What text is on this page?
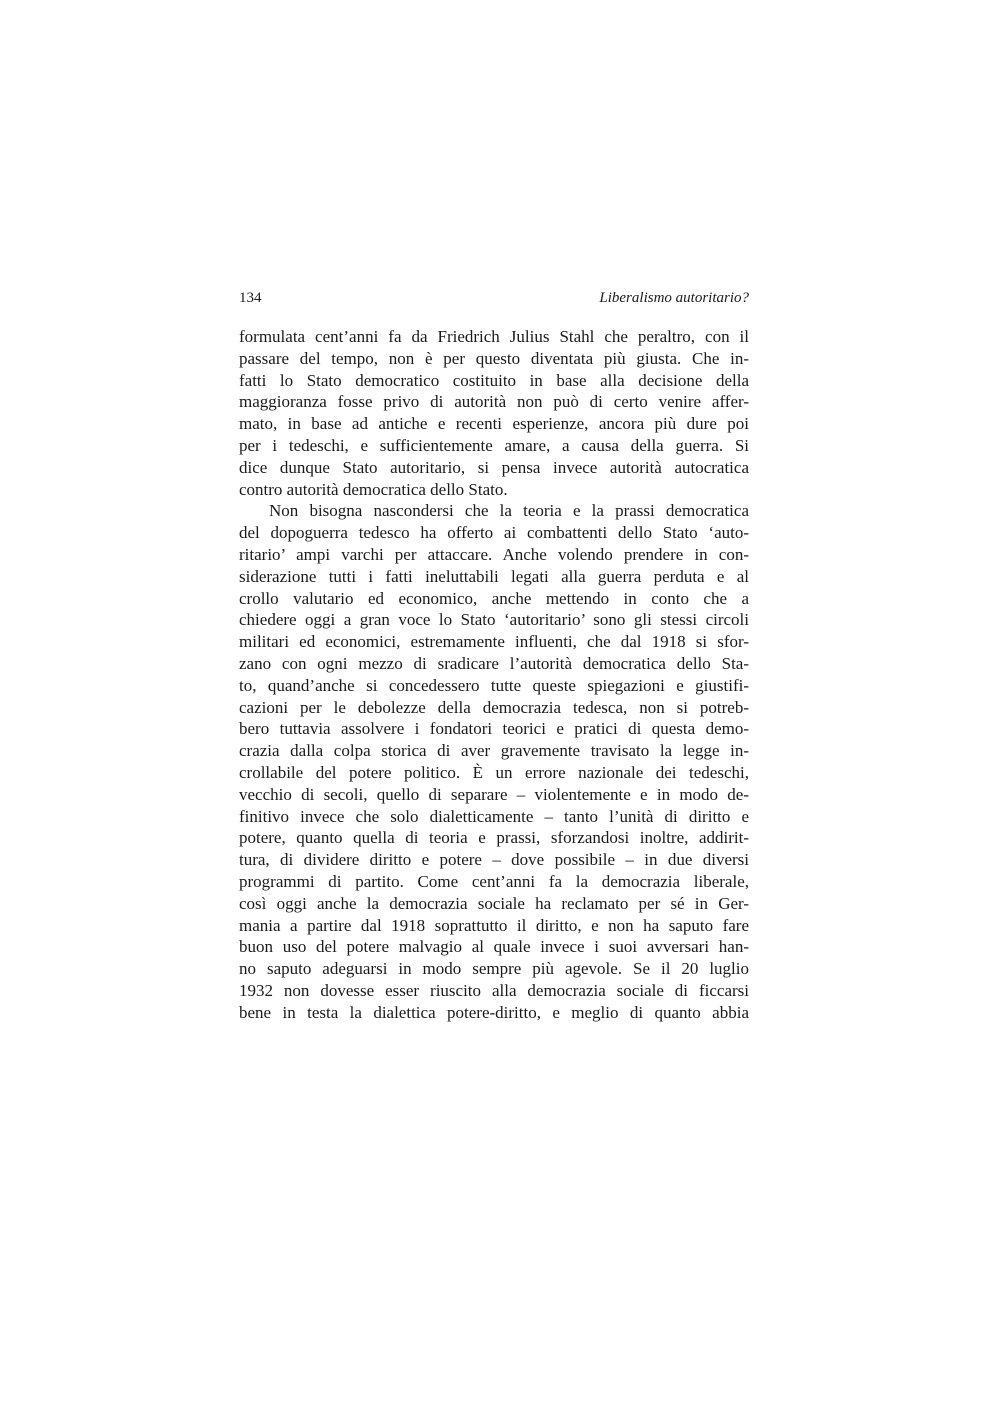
134	Liberalismo autoritario?
formulata cent’anni fa da Friedrich Julius Stahl che peraltro, con il
passare del tempo, non è per questo diventata più giusta. Che in-
fatti lo Stato democratico costituito in base alla decisione della
maggioranza fosse privo di autorità non può di certo venire affer-
mato, in base ad antiche e recenti esperienze, ancora più dure poi
per i tedeschi, e sufficientemente amare, a causa della guerra. Si
dice dunque Stato autoritario, si pensa invece autorità autocratica
contro autorità democratica dello Stato.
Non bisogna nascondersi che la teoria e la prassi democratica
del dopoguerra tedesco ha offerto ai combattenti dello Stato ‘auto-
ritario’ ampi varchi per attaccare. Anche volendo prendere in con-
siderazione tutti i fatti ineluttabili legati alla guerra perduta e al
crollo valutario ed economico, anche mettendo in conto che a
chiedere oggi a gran voce lo Stato ‘autoritario’ sono gli stessi circoli
militari ed economici, estremamente influenti, che dal 1918 si sfor-
zano con ogni mezzo di sradicare l’autorità democratica dello Sta-
to, quand’anche si concedessero tutte queste spiegazioni e giustifi-
cazioni per le debolezze della democrazia tedesca, non si potreb-
bero tuttavia assolvere i fondatori teorici e pratici di questa demo-
crazia dalla colpa storica di aver gravemente travisato la legge in-
crollabile del potere politico. È un errore nazionale dei tedeschi,
vecchio di secoli, quello di separare – violentemente e in modo de-
finitivo invece che solo dialetticamente – tanto l’unità di diritto e
potere, quanto quella di teoria e prassi, sforzandosi inoltre, addirit-
tura, di dividere diritto e potere – dove possibile – in due diversi
programmi di partito. Come cent’anni fa la democrazia liberale,
così oggi anche la democrazia sociale ha reclamato per sé in Ger-
mania a partire dal 1918 soprattutto il diritto, e non ha saputo fare
buon uso del potere malvagio al quale invece i suoi avversari han-
no saputo adeguarsi in modo sempre più agevole. Se il 20 luglio
1932 non dovesse esser riuscito alla democrazia sociale di ficcarsi
bene in testa la dialettica potere-diritto, e meglio di quanto abbia
